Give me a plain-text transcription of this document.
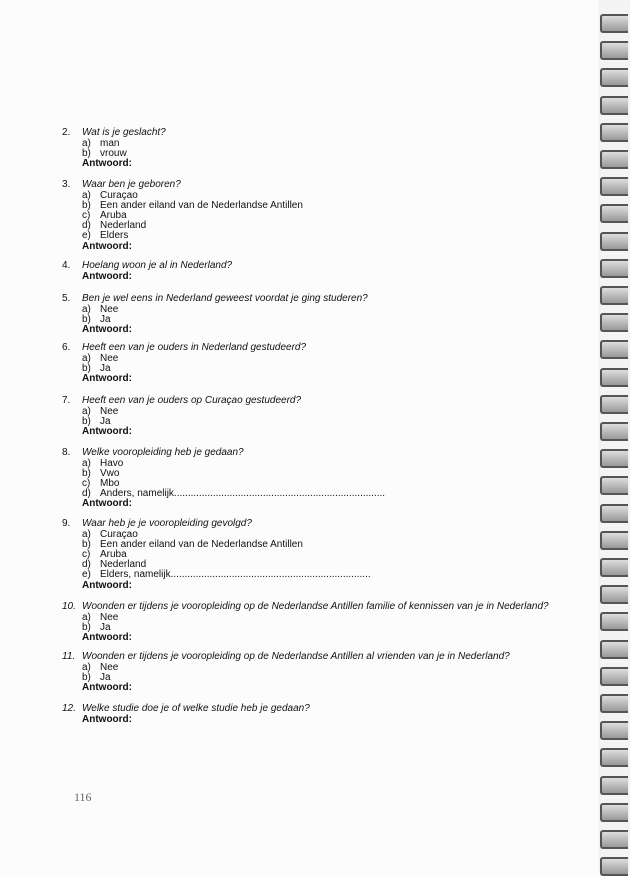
2.	Wat is je geslacht?
a) man
b) vrouw
Antwoord:
3.	Waar ben je geboren?
a) Curaçao
b) Een ander eiland van de Nederlandse Antillen
c) Aruba
d) Nederland
e) Elders
Antwoord:
4.	Hoelang woon je al in Nederland?
Antwoord:
5.	Ben je wel eens in Nederland geweest voordat je ging studeren?
a) Nee
b) Ja
Antwoord:
6.	Heeft een van je ouders in Nederland gestudeerd?
a) Nee
b) Ja
Antwoord:
7.	Heeft een van je ouders op Curaçao gestudeerd?
a) Nee
b) Ja
Antwoord:
8.	Welke vooropleiding heb je gedaan?
a) Havo
b) Vwo
c) Mbo
d) Anders, namelijk............................................................................
Antwoord:
9.	Waar heb je je vooropleiding gevolgd?
a) Curaçao
b) Een ander eiland van de Nederlandse Antillen
c) Aruba
d) Nederland
e) Elders, namelijk........................................................................
Antwoord:
10. Woonden er tijdens je vooropleiding op de Nederlandse Antillen familie of kennissen van je in Nederland?
a) Nee
b) Ja
Antwoord:
11. Woonden er tijdens je vooropleiding op de Nederlandse Antillen al vrienden van je in Nederland?
a) Nee
b) Ja
Antwoord:
12. Welke studie doe je of welke studie heb je gedaan?
Antwoord:
116
